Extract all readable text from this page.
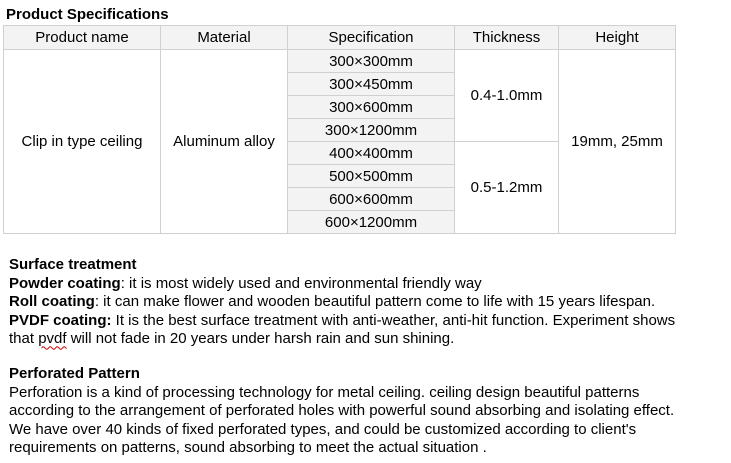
Product Specifications
Product name	Material	Specification	Thickness	Height
Clip in type ceiling	Aluminum alloy	300×300mm	0.4-1.0mm	19mm, 25mm
		300×450mm		
		300×600mm		
		300×1200mm		
		400×400mm	0.5-1.2mm	
		500×500mm		
		600×600mm		
		600×1200mm		
Surface treatment
Powder coating: it is most widely used and environmental friendly way
Roll coating: it can make flower and wooden beautiful pattern come to life with 15 years lifespan.
PVDF coating: It is the best surface treatment with anti-weather, anti-hit function. Experiment shows
that pvdf will not fade in 20 years under harsh rain and sun shining.
Perforated Pattern
Perforation is a kind of processing technology for metal ceiling. ceiling design beautiful patterns
according to the arrangement of perforated holes with powerful sound absorbing and isolating effect.
We have over 40 kinds of fixed perforated types, and could be customized according to client's
requirements on patterns, sound absorbing to meet the actual situation .
